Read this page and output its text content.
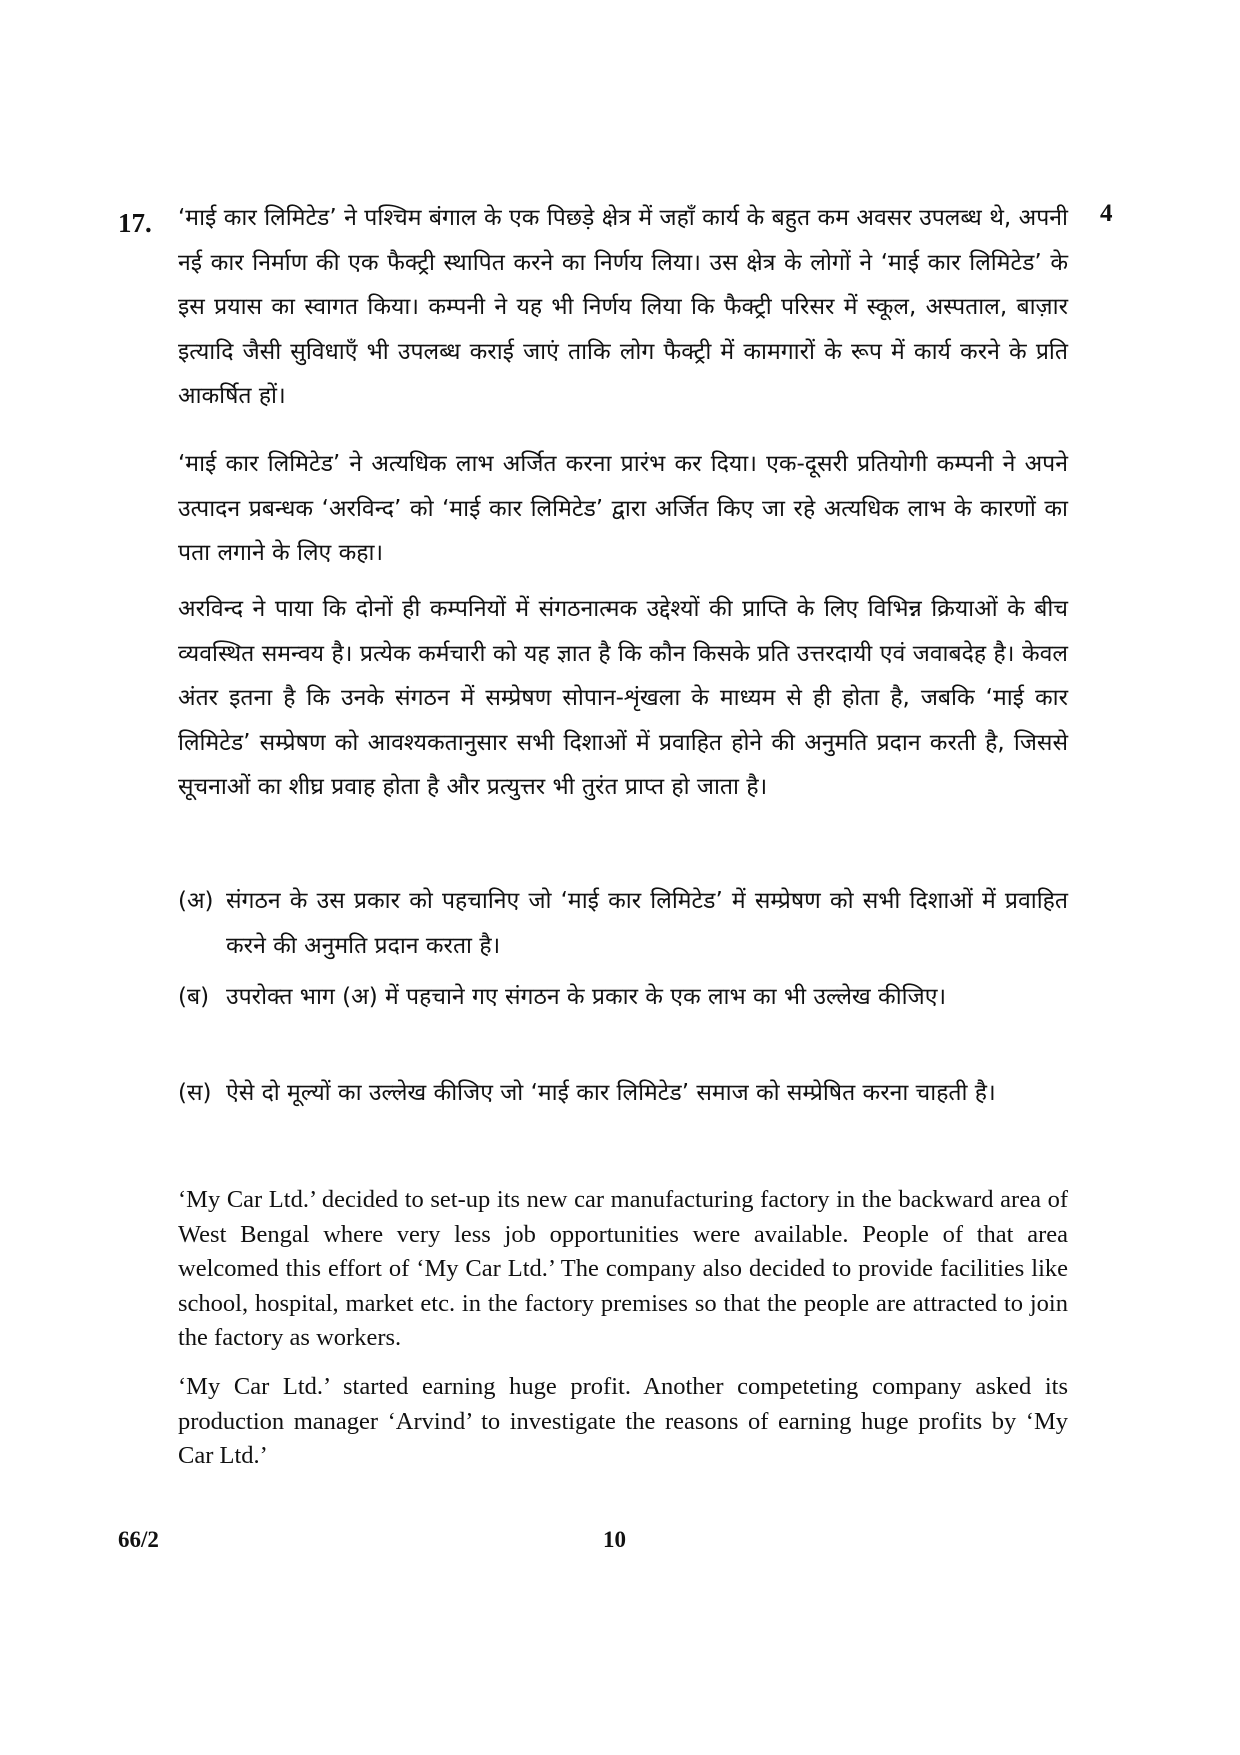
17.	4

‘माई कार लिमिटेड’ ने पश्चिम बंगाल के एक पिछड़े क्षेत्र में जहाँ कार्य के बहुत कम अवसर उपलब्ध थे, अपनी नई कार निर्माण की एक फैक्ट्री स्थापित करने का निर्णय लिया। उस क्षेत्र के लोगों ने ‘माई कार लिमिटेड’ के इस प्रयास का स्वागत किया। कम्पनी ने यह भी निर्णय लिया कि फैक्ट्री परिसर में स्कूल, अस्पताल, बाज़ार इत्यादि जैसी सुविधाएँ भी उपलब्ध कराई जाएं ताकि लोग फैक्ट्री में कामगारों के रूप में कार्य करने के प्रति आकर्षित हों।

‘माई कार लिमिटेड’ ने अत्यधिक लाभ अर्जित करना प्रारंभ कर दिया। एक-दूसरी प्रतियोगी कम्पनी ने अपने उत्पादन प्रबन्धक ‘अरविन्द’ को ‘माई कार लिमिटेड’ द्वारा अर्जित किए जा रहे अत्यधिक लाभ के कारणों का पता लगाने के लिए कहा।

अरविन्द ने पाया कि दोनों ही कम्पनियों में संगठनात्मक उद्देश्यों की प्राप्ति के लिए विभिन्न क्रियाओं के बीच व्यवस्थित समन्वय है। प्रत्येक कर्मचारी को यह ज्ञात है कि कौन किसके प्रति उत्तरदायी एवं जवाबदेह है। केवल अंतर इतना है कि उनके संगठन में सम्प्रेषण सोपान-शृंखला के माध्यम से ही होता है, जबकि ‘माई कार लिमिटेड’ सम्प्रेषण को आवश्यकतानुसार सभी दिशाओं में प्रवाहित होने की अनुमति प्रदान करती है, जिससे सूचनाओं का शीघ्र प्रवाह होता है और प्रत्युत्तर भी तुरंत प्राप्त हो जाता है।

(अ) संगठन के उस प्रकार को पहचानिए जो ‘माई कार लिमिटेड’ में सम्प्रेषण को सभी दिशाओं में प्रवाहित करने की अनुमति प्रदान करता है।
(ब) उपरोक्त भाग (अ) में पहचाने गए संगठन के प्रकार के एक लाभ का भी उल्लेख कीजिए।
(स) ऐसे दो मूल्यों का उल्लेख कीजिए जो ‘माई कार लिमिटेड’ समाज को सम्प्रेषित करना चाहती है।

‘My Car Ltd.’ decided to set-up its new car manufacturing factory in the backward area of West Bengal where very less job opportunities were available. People of that area welcomed this effort of ‘My Car Ltd.’ The company also decided to provide facilities like school, hospital, market etc. in the factory premises so that the people are attracted to join the factory as workers.

‘My Car Ltd.’ started earning huge profit. Another competeting company asked its production manager ‘Arvind’ to investigate the reasons of earning huge profits by ‘My Car Ltd.’

66/2	10
